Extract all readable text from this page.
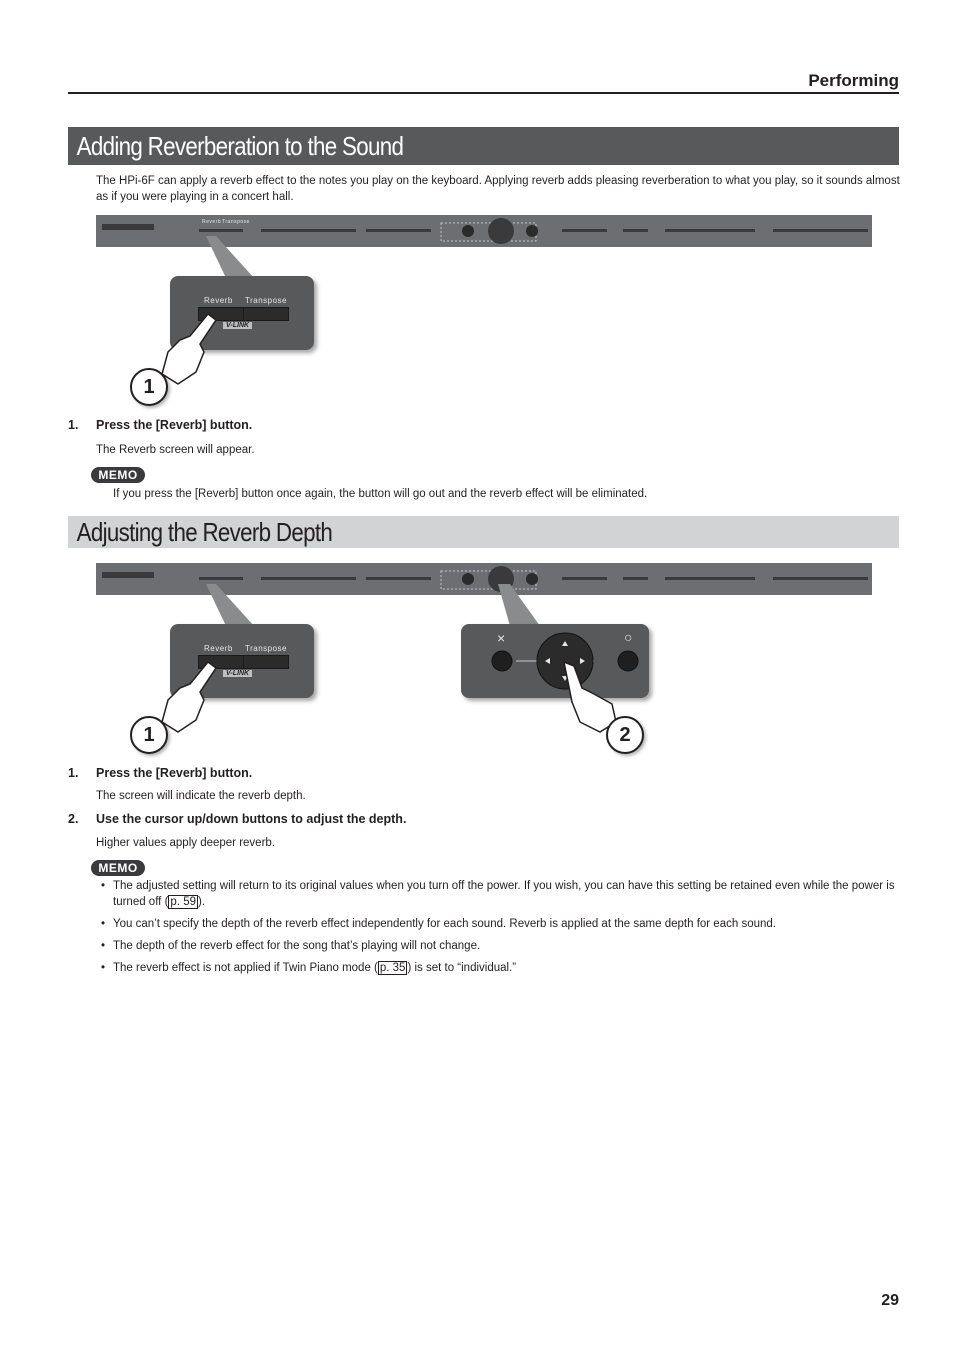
Performing
Adding Reverberation to the Sound
The HPi-6F can apply a reverb effect to the notes you play on the keyboard. Applying reverb adds pleasing reverberation to what you play, so it sounds almost as if you were playing in a concert hall.
Reverb Transpose
Reverb Transpose
V-LINK
1
1. Press the [Reverb] button.
The Reverb screen will appear.
MEMO
If you press the [Reverb] button once again, the button will go out and the reverb effect will be eliminated.
Adjusting the Reverb Depth
Reverb Transpose
V-LINK
1
×	○
2
1. Press the [Reverb] button.
The screen will indicate the reverb depth.
2. Use the cursor up/down buttons to adjust the depth.
Higher values apply deeper reverb.
MEMO
• The adjusted setting will return to its original values when you turn off the power. If you wish, you can have this setting be retained even while the power is turned off ( p. 59 ).
• You can’t specify the depth of the reverb effect independently for each sound. Reverb is applied at the same depth for each sound.
• The depth of the reverb effect for the song that’s playing will not change.
• The reverb effect is not applied if Twin Piano mode ( p. 35 ) is set to “individual.”
29
